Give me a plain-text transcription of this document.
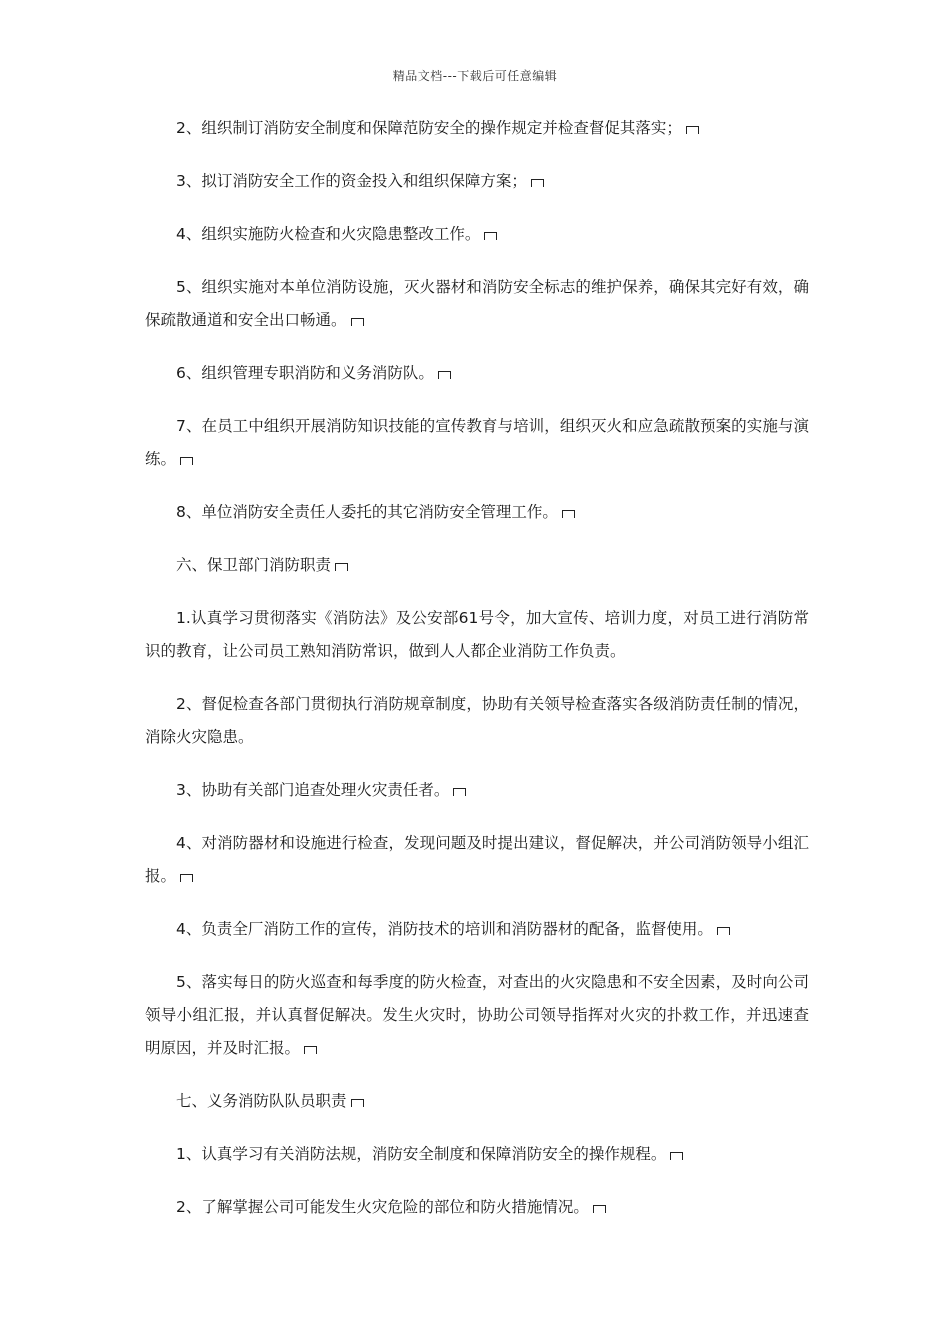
精品文档---下载后可任意编辑

2、组织制订消防安全制度和保障范防安全的操作规定并检查督促其落实；

3、拟订消防安全工作的资金投入和组织保障方案；

4、组织实施防火检查和火灾隐患整改工作。

5、组织实施对本单位消防设施，灭火器材和消防安全标志的维护保养，确保其完好有效，确保疏散通道和安全出口畅通。

6、组织管理专职消防和义务消防队。

7、在员工中组织开展消防知识技能的宣传教育与培训，组织灭火和应急疏散预案的实施与演练。

8、单位消防安全责任人委托的其它消防安全管理工作。

六、保卫部门消防职责

1.认真学习贯彻落实《消防法》及公安部61号令，加大宣传、培训力度，对员工进行消防常识的教育，让公司员工熟知消防常识，做到人人都企业消防工作负责。

2、督促检查各部门贯彻执行消防规章制度，协助有关领导检查落实各级消防责任制的情况，消除火灾隐患。

3、协助有关部门追查处理火灾责任者。

4、对消防器材和设施进行检查，发现问题及时提出建议，督促解决，并公司消防领导小组汇报。

4、负责全厂消防工作的宣传，消防技术的培训和消防器材的配备，监督使用。

5、落实每日的防火巡查和每季度的防火检查，对查出的火灾隐患和不安全因素，及时向公司领导小组汇报，并认真督促解决。发生火灾时，协助公司领导指挥对火灾的扑救工作，并迅速查明原因，并及时汇报。

七、义务消防队队员职责

1、认真学习有关消防法规，消防安全制度和保障消防安全的操作规程。

2、了解掌握公司可能发生火灾危险的部位和防火措施情况。
